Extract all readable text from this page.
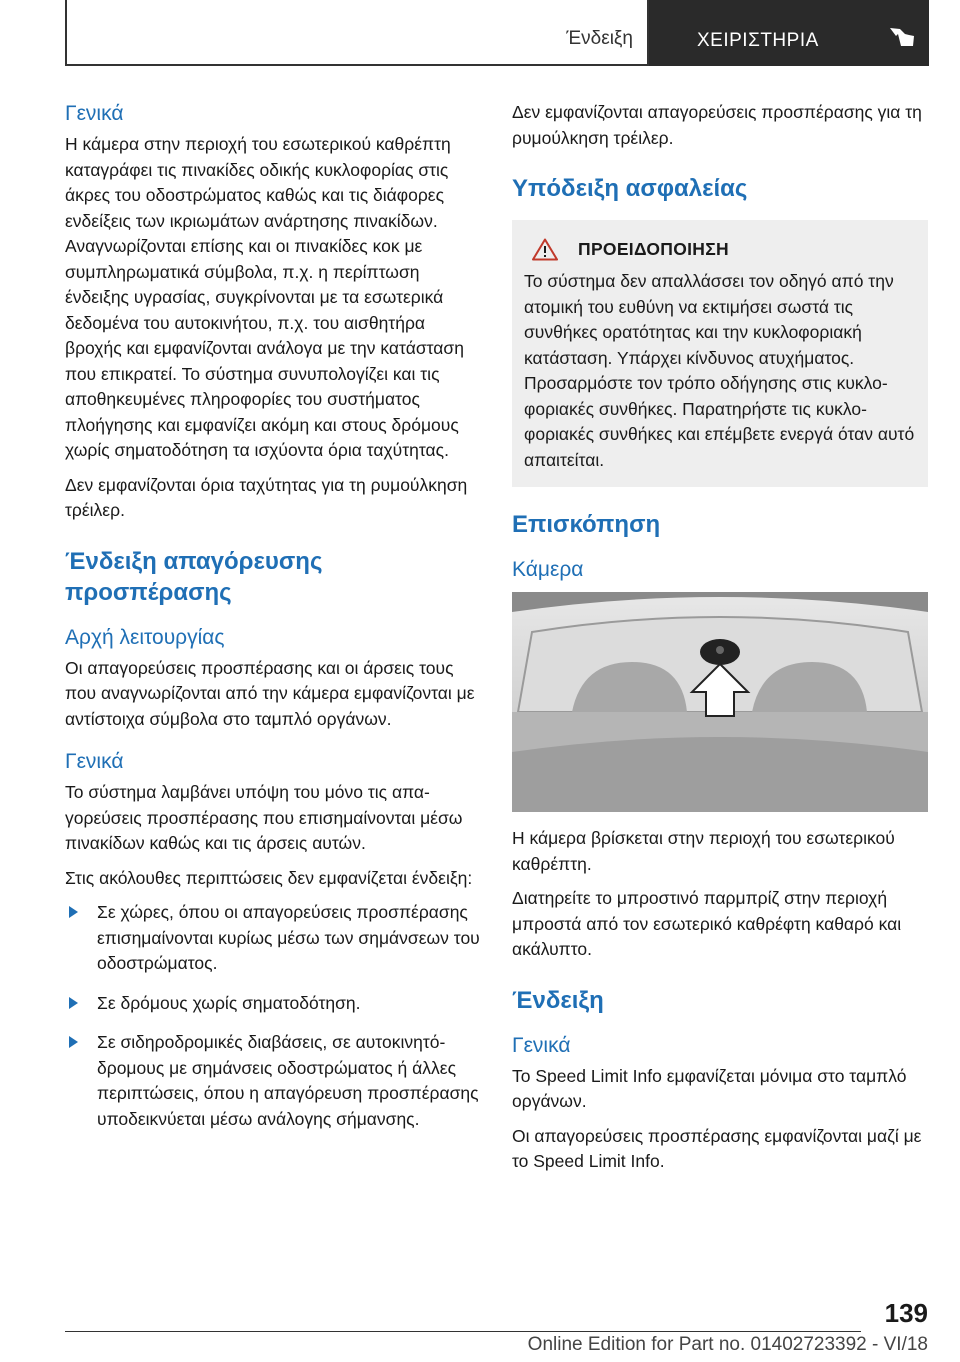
Ένδειξη	ΧΕΙΡΙΣΤΗΡΙΑ
Γενικά

Η κάμερα στην περιοχή του εσωτερικού καθρέπτη καταγράφει τις πινακίδες οδικής κυκλοφορίας στις άκρες του οδοστρώματος καθώς και τις διάφορες ενδείξεις των ικριωμάτων ανάρτησης πινακίδων. Αναγνωρίζονται επίσης και οι πινακίδες κοκ με συμπληρωματικά σύμβολα, π.χ. η περίπτωση ένδειξης υγρασίας, συγκρίνονται με τα εσωτερικά δεδομένα του αυτοκινήτου, π.χ. του αισθητήρα βροχής και εμφανίζονται ανάλογα με την κατάσταση που επικρατεί. Το σύστημα συνυπολογίζει και τις αποθηκευμένες πληροφορίες του συστήματος πλοήγησης και εμφανίζει ακόμη και στους δρόμους χωρίς σηματοδότηση τα ισχύοντα όρια ταχύτητας.

Δεν εμφανίζονται όρια ταχύτητας για τη ρυμούλκηση τρέιλερ.

Ένδειξη απαγόρευσης προσπέρασης
Αρχή λειτουργίας

Οι απαγορεύσεις προσπέρασης και οι άρσεις τους που αναγνωρίζονται από την κάμερα εμφανίζονται με αντίστοιχα σύμβολα στο ταμπλό οργάνων.

Γενικά

Το σύστημα λαμβάνει υπόψη του μόνο τις απαγορεύσεις προσπέρασης που επισημαίνονται μέσω πινακίδων καθώς και τις άρσεις αυτών.

Στις ακόλουθες περιπτώσεις δεν εμφανίζεται ένδειξη:

Σε χώρες, όπου οι απαγορεύσεις προσπέρασης επισημαίνονται κυρίως μέσω των σημάνσεων του οδοστρώματος.
Σε δρόμους χωρίς σηματοδότηση.
Σε σιδηροδρομικές διαβάσεις, σε αυτοκινητόδρομους με σημάνσεις οδοστρώματος ή άλλες περιπτώσεις, όπου η απαγόρευση προσπέρασης υποδεικνύεται μέσω ανάλογης σήμανσης.

Δεν εμφανίζονται απαγορεύσεις προσπέρασης για τη ρυμούλκηση τρέιλερ.

Υπόδειξη ασφαλείας
ΠΡΟΕΙΔΟΠΟΙΗΣΗ

Το σύστημα δεν απαλλάσσει τον οδηγό από την ατομική του ευθύνη να εκτιμήσει σωστά τις συνθήκες ορατότητας και την κυκλοφοριακή κατάσταση. Υπάρχει κίνδυνος ατυχήματος. Προσαρμόστε τον τρόπο οδήγησης στις κυκλοφοριακές συνθήκες. Παρατηρήστε τις κυκλοφοριακές συνθήκες και επέμβετε ενεργά όταν αυτό απαιτείται.

Επισκόπηση
Κάμερα

Η κάμερα βρίσκεται στην περιοχή του εσωτερικού καθρέπτη.

Διατηρείτε το μπροστινό παρμπρίζ στην περιοχή μπροστά από τον εσωτερικό καθρέφτη καθαρό και ακάλυπτο.

Ένδειξη
Γενικά

Το Speed Limit Info εμφανίζεται μόνιμα στο ταμπλό οργάνων.

Οι απαγορεύσεις προσπέρασης εμφανίζονται μαζί με το Speed Limit Info.

139
Online Edition for Part no. 01402723392 - VI/18
